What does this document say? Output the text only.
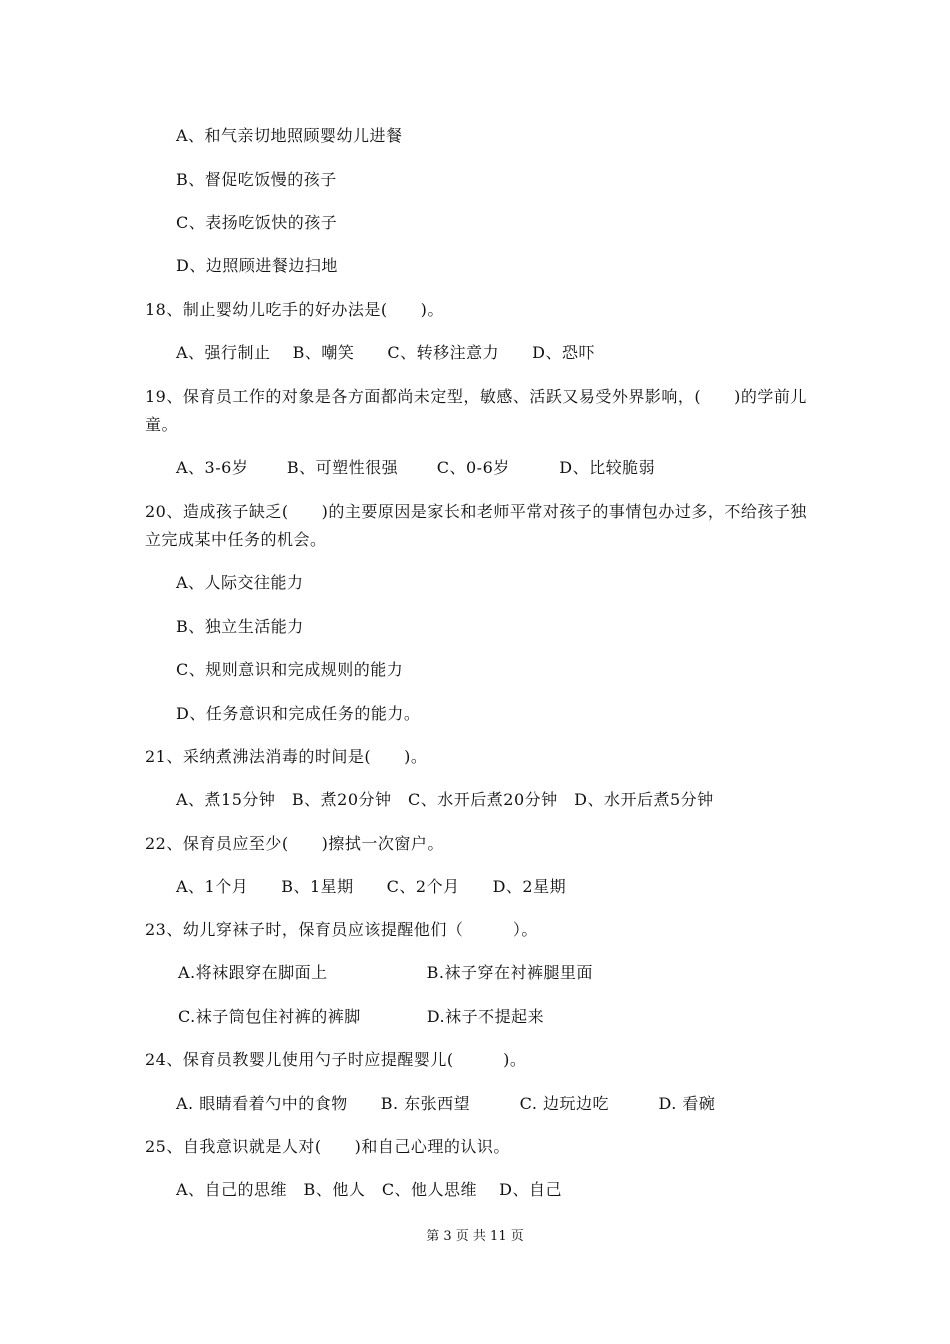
A、和气亲切地照顾婴幼儿进餐
B、督促吃饭慢的孩子
C、表扬吃饭快的孩子
D、边照顾进餐边扫地
18、制止婴幼儿吃手的好办法是(　　)。
A、强行制止　 B、嘲笑　　C、转移注意力　　D、恐吓
19、保育员工作的对象是各方面都尚未定型，敏感、活跃又易受外界影响，(　　)的学前儿
童。
A、3-6岁　　 B、可塑性很强　　 C、0-6岁　　　D、比较脆弱
20、造成孩子缺乏(　　)的主要原因是家长和老师平常对孩子的事情包办过多，不给孩子独
立完成某中任务的机会。
A、人际交往能力
B、独立生活能力
C、规则意识和完成规则的能力
D、任务意识和完成任务的能力。
21、采纳煮沸法消毒的时间是(　　)。
A、煮15分钟　B、煮20分钟　C、水开后煮20分钟　D、水开后煮5分钟
22、保育员应至少(　　)擦拭一次窗户。
A、1个月　　B、1星期　　C、2个月　　D、2星期
23、幼儿穿袜子时，保育员应该提醒他们（　　　）。
A.将袜跟穿在脚面上　　　　　　B.袜子穿在衬裤腿里面
C.袜子筒包住衬裤的裤脚　　　　D.袜子不提起来
24、保育员教婴儿使用勺子时应提醒婴儿(　　　)。
A. 眼睛看着勺中的食物　　B. 东张西望　　　C. 边玩边吃　　　D. 看碗
25、自我意识就是人对(　　)和自己心理的认识。
A、自己的思维　B、他人　C、他人思维　 D、自己
第 3 页 共 11 页
